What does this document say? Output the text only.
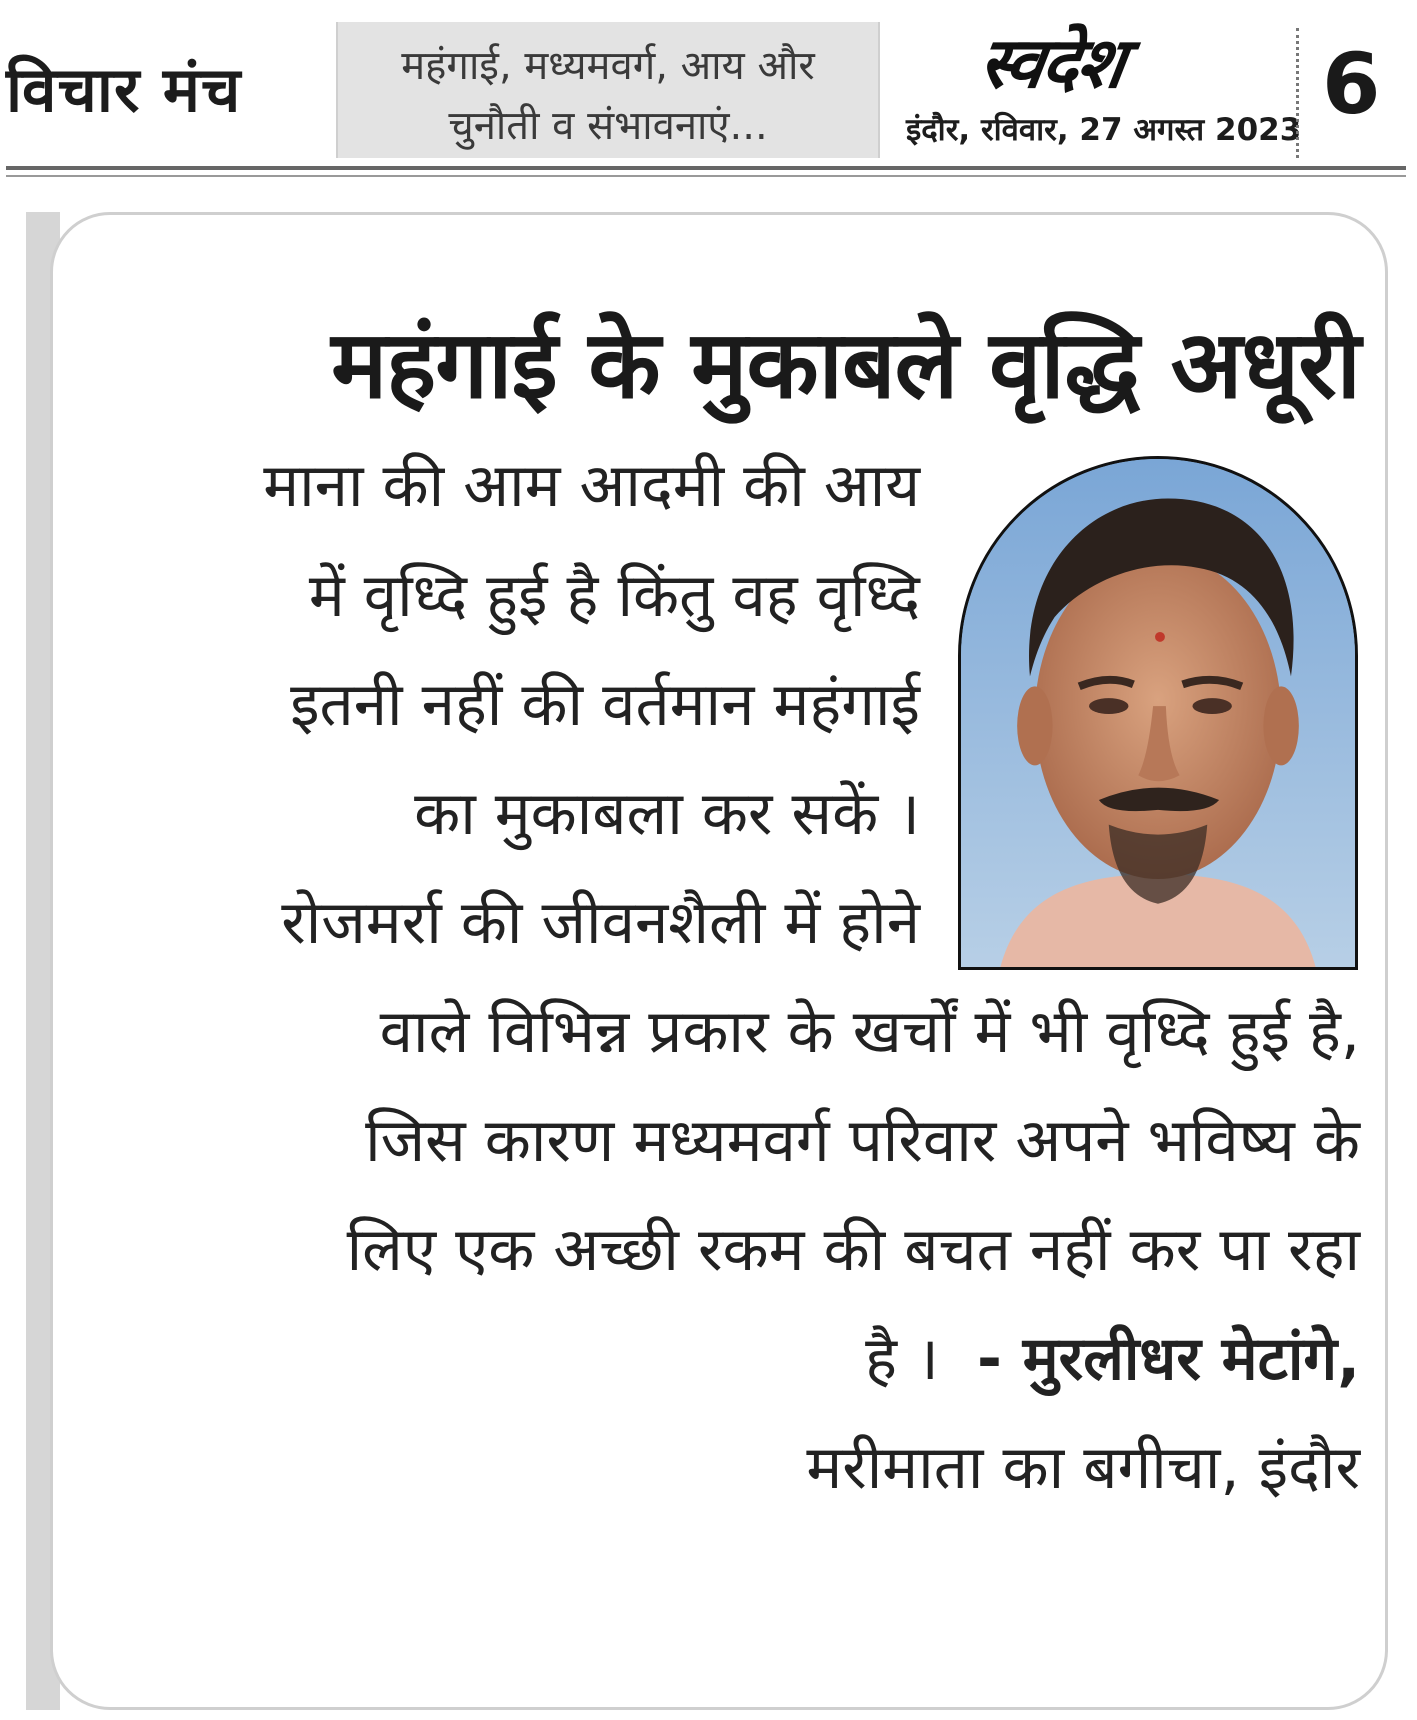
विचार मंच	महंगाई, मध्यमवर्ग, आय और
चुनौती व संभावनाएं...
स्वदेश
इंदौर, रविवार, 27 अगस्त 2023 6
महंगाई के मुकाबले वृद्धि अधूरी
माना की आम आदमी की आय
में वृध्दि हुई है किंतु वह वृध्दि
इतनी नहीं की वर्तमान महंगाई
का मुकाबला कर सकें ।
रोजमर्रा की जीवनशैली में होने
वाले विभिन्न प्रकार के खर्चों में भी वृध्दि हुई है,
जिस कारण मध्यमवर्ग परिवार अपने भविष्य के
लिए एक अच्छी रकम की बचत नहीं कर पा रहा
है । - मुरलीधर मेटांगे,
मरीमाता का बगीचा, इंदौर
